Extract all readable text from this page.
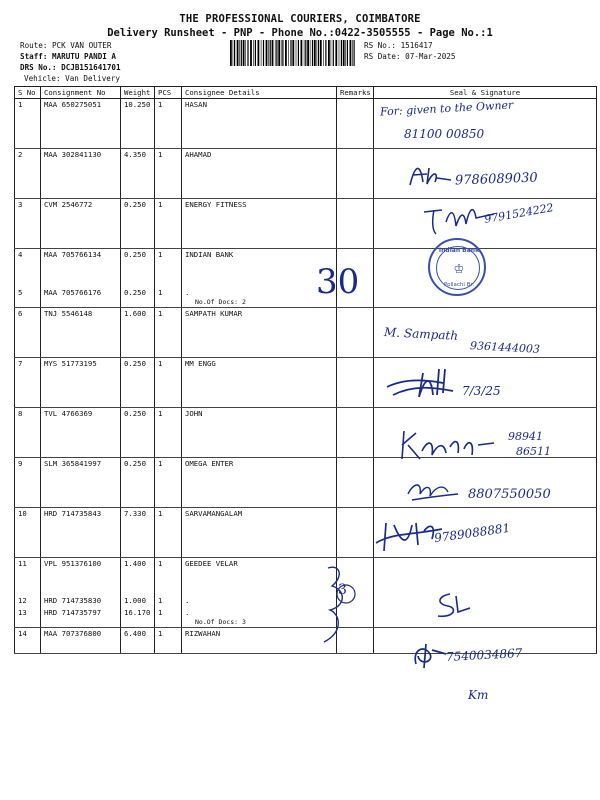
THE PROFESSIONAL COURIERS, COIMBATORE
Delivery Runsheet - PNP - Phone No.:0422-3505555 - Page No.:1
Route: PCK VAN OUTER
Staff: MARUTU PANDI A
DRS No.: DCJB151641701
Vehicle: Van Delivery
RS No.: 1516417
RS Date: 07-Mar-2025
S No	Consignment No	Weight	PCS	Consignee Details	Remarks	Seal & Signature
1	MAA 650275051	10.250	1	HASAN		
2	MAA 302841130	4.350	1	AHAMAD		
3	CVM 2546772	0.250	1	ENERGY FITNESS		
4	MAA 705766134	0.250	1	INDIAN BANK		
5	MAA 705766176	0.250	1	.
No.Of Docs: 2		

6	TNJ 5546148	1.600	1	SAMPATH KUMAR		
7	MYS 51773195	0.250	1	MM ENGG		
8	TVL 4766369	0.250	1	JOHN		
9	SLM 365841997	0.250	1	OMEGA ENTER		
10	HRD 714735843	7.330	1	SARVAMANGALAM		
11	VPL 951376100	1.400	1	GEEDEE VELAR		
12	HRD 714735830	1.000	1	.		
13	HRD 714735797	16.170	1	.
No.Of Docs: 3		

14	MAA 707376800	6.400	1	RIZWAHAN		
For: given to the Owner
81100 00850
9786089030
9791524222
30
Indian Bank
♔
Pollachi Br.
M. Sampath
9361444003
7/3/25
98941
86511
8807550050
9789088881
3
7540034867
Km
